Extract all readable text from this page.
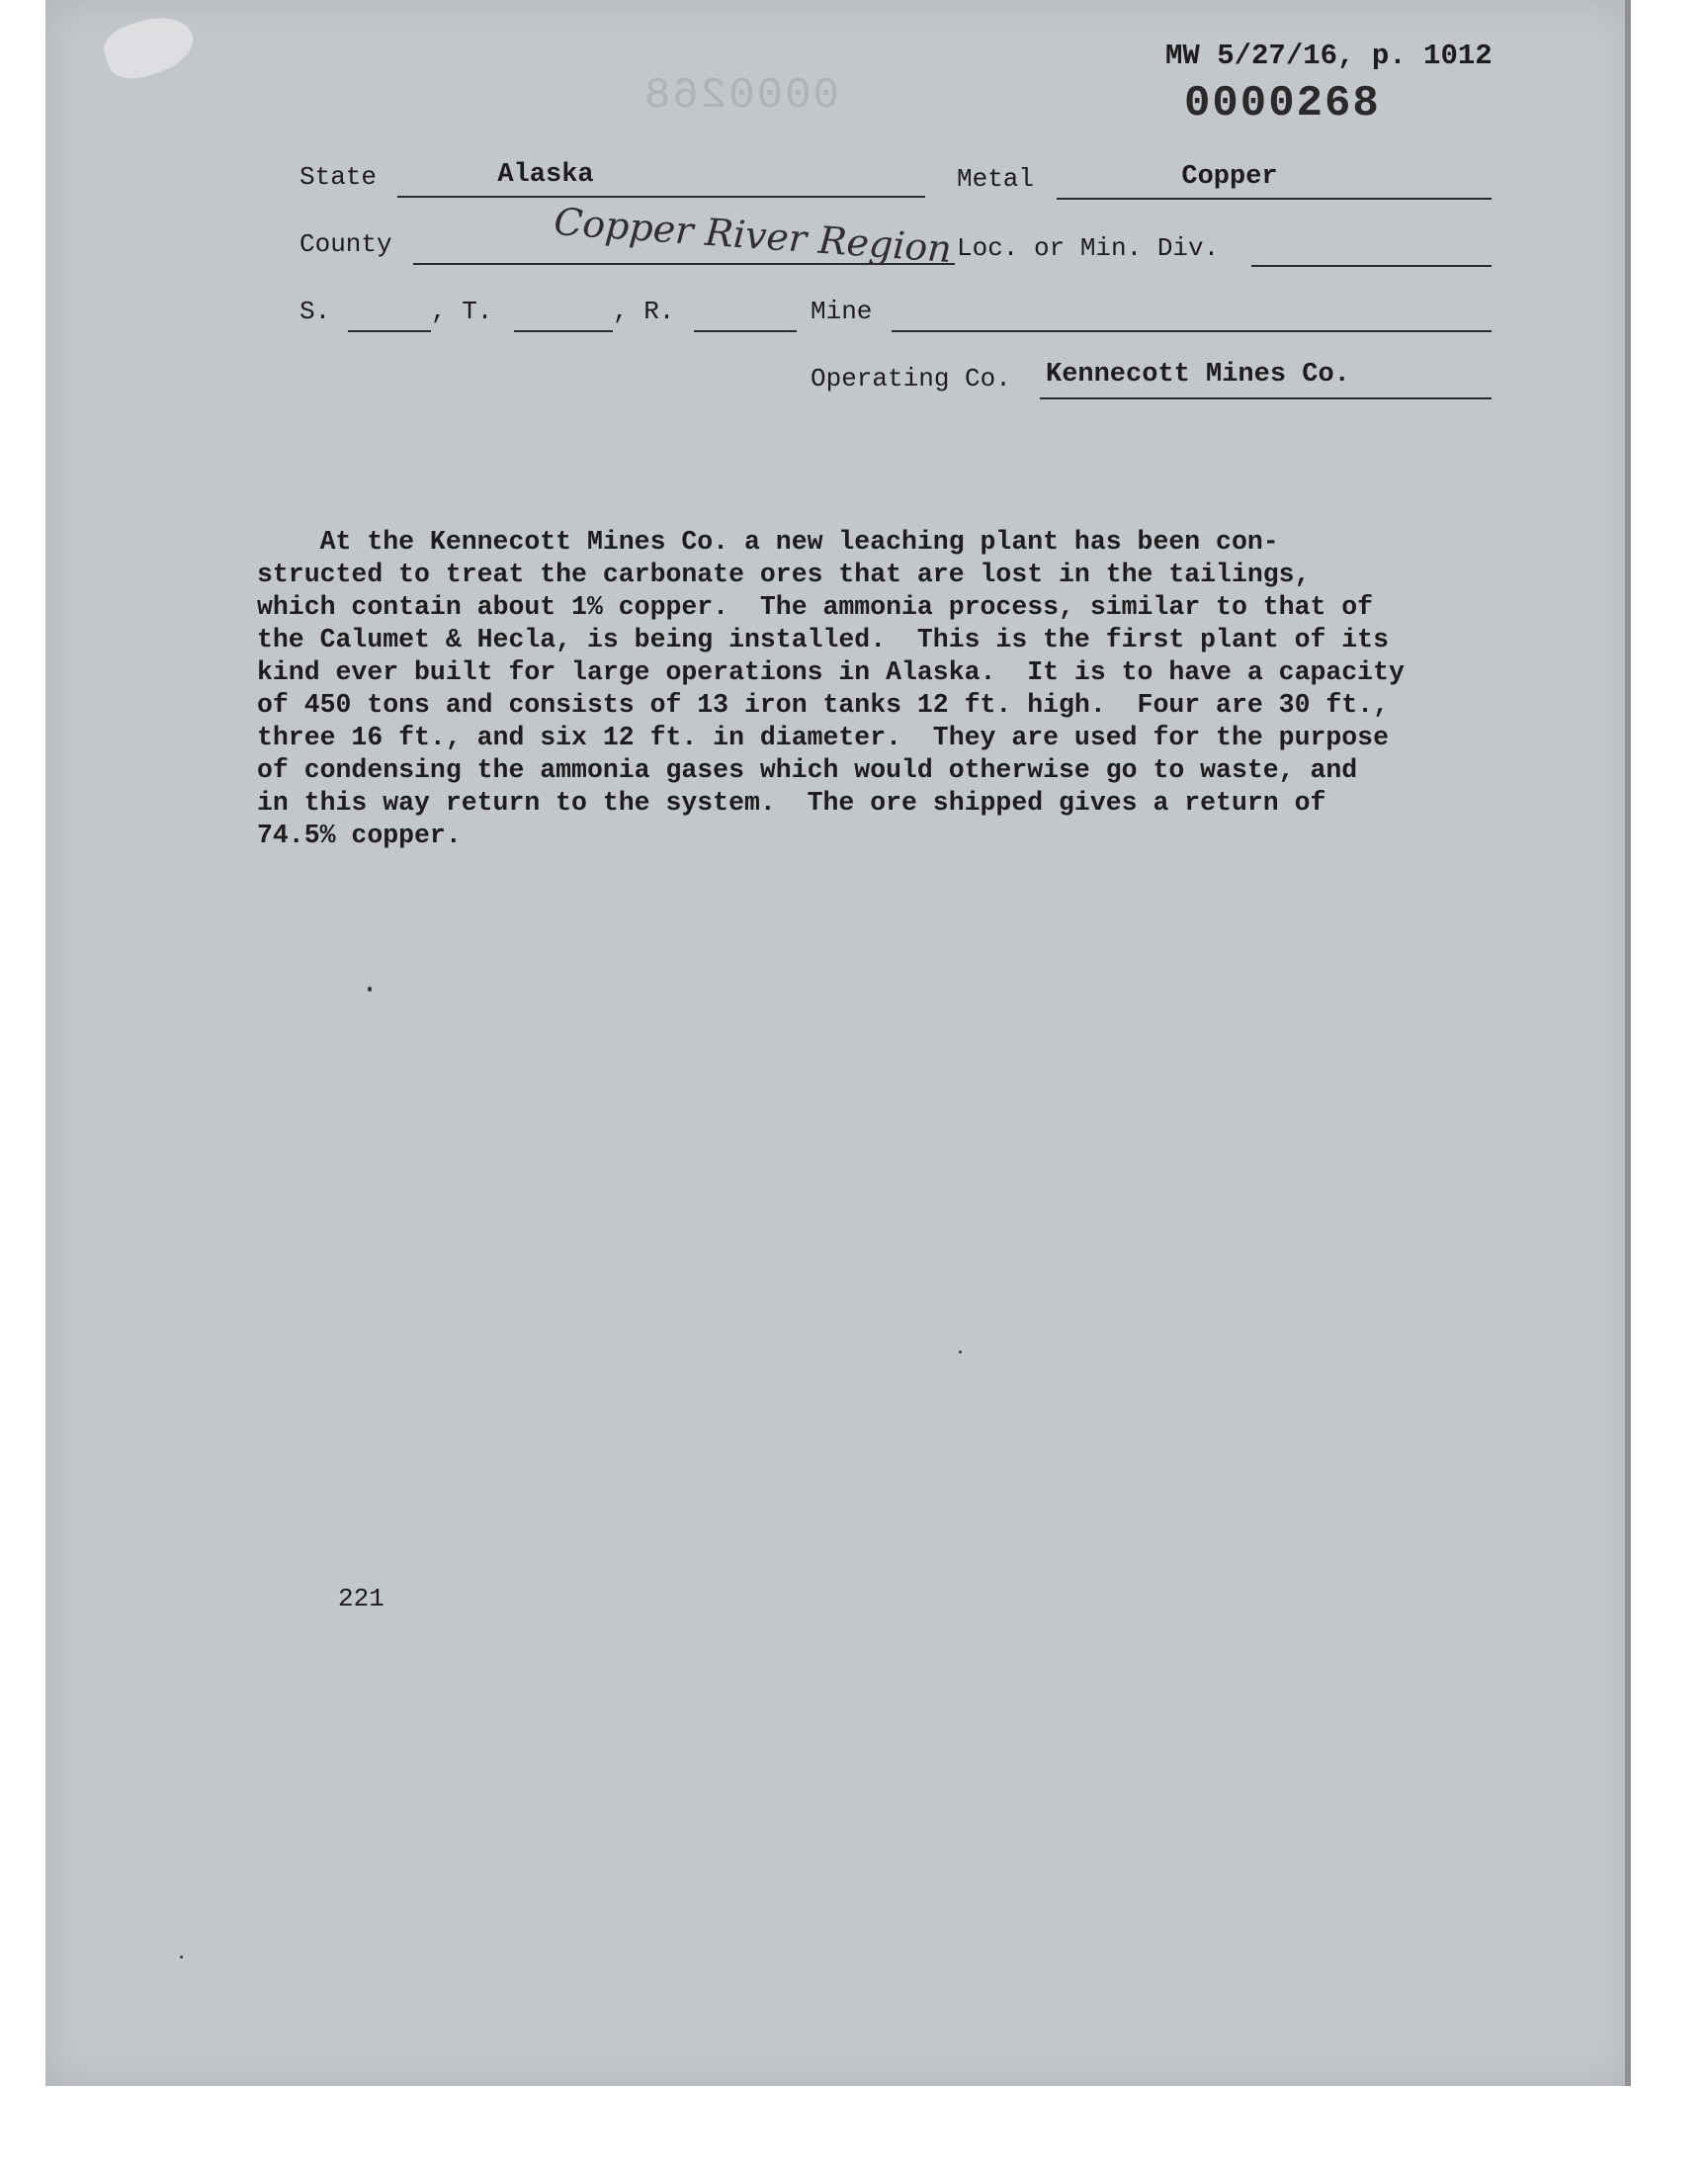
MW 5/27/16, p. 1012
0000268
0000268
State	Alaska	Metal	Copper
County	Copper River Region Loc. or Min. Div.
S.	, T.	, R.	Mine
Operating Co. Kennecott Mines Co.
At the Kennecott Mines Co. a new leaching plant has been con-
structed to treat the carbonate ores that are lost in the tailings,
which contain about 1% copper.  The ammonia process, similar to that of
the Calumet & Hecla, is being installed.  This is the first plant of its
kind ever built for large operations in Alaska.  It is to have a capacity
of 450 tons and consists of 13 iron tanks 12 ft. high.  Four are 30 ft.,
three 16 ft., and six 12 ft. in diameter.  They are used for the purpose
of condensing the ammonia gases which would otherwise go to waste, and
in this way return to the system.  The ore shipped gives a return of
74.5% copper.
221
